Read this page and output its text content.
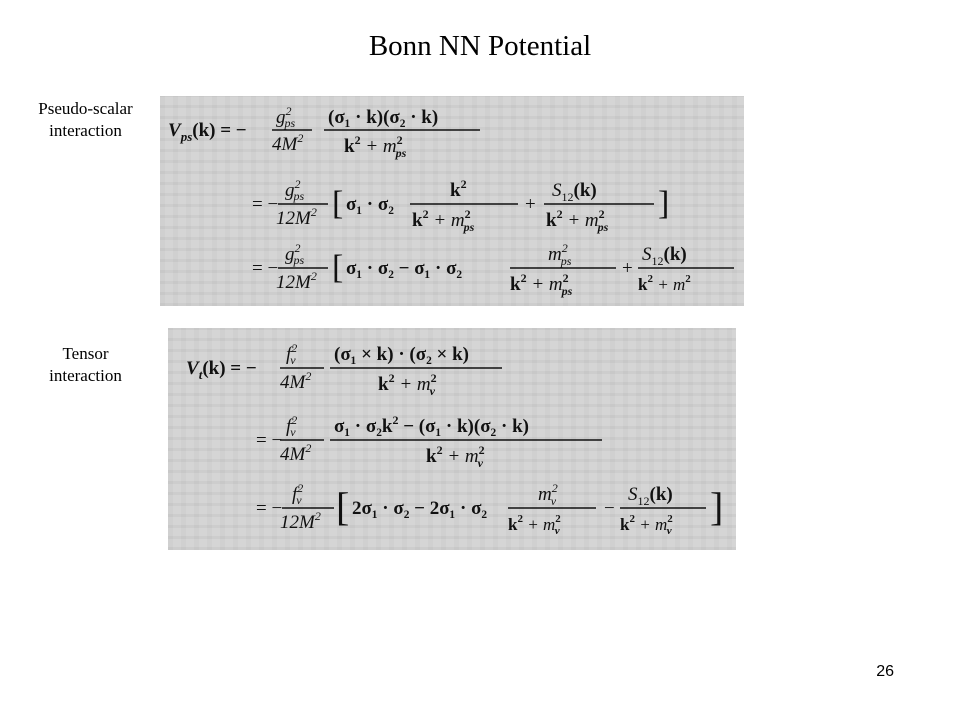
Bonn NN Potential
Pseudo-scalar
interaction
Tensor
interaction
$V_{ps}(k)$ = −
$g^2$ ps
$4M^2$
(σ₁ · k)(σ₂ · k)
$k^2 + m^2$ ps
= −
$g^2$ ps
$12M^2$ [ σ₁ · σ₂
$k^2$
$k^2 + m^2$ ps
+
$S_{12}(k)$
$k^2 + m^2$ ps
]
= −
$g^2$ ps
$12M^2$ [ σ₁ · σ₂ − σ₁ · σ₂
$m^2$ ps
$k^2 + m^2$ ps
+
$S_{12}(k)$
$k^2 + m^2$
$V_t(k)$ = −
$f^2$ v
$4M^2$
(σ₁ × k) · (σ₂ × k)
$k^2 + m^2$ v
= −
$f^2$ v
$4M^2$
$\sigma_1 \cdot \sigma_2k^2 - (\sigma_1 \cdot k)(\sigma_2 \cdot k)$
$k^2 + m^2$ v
= −
$f^2$ v
$12M^2$ [ 2σ₁ · σ₂ − 2σ₁ · σ₂
$m^2$ v
$k^2 + m^2$ v
−
$S_{12}(k)$
$k^2 + m^2$ v
]
26
